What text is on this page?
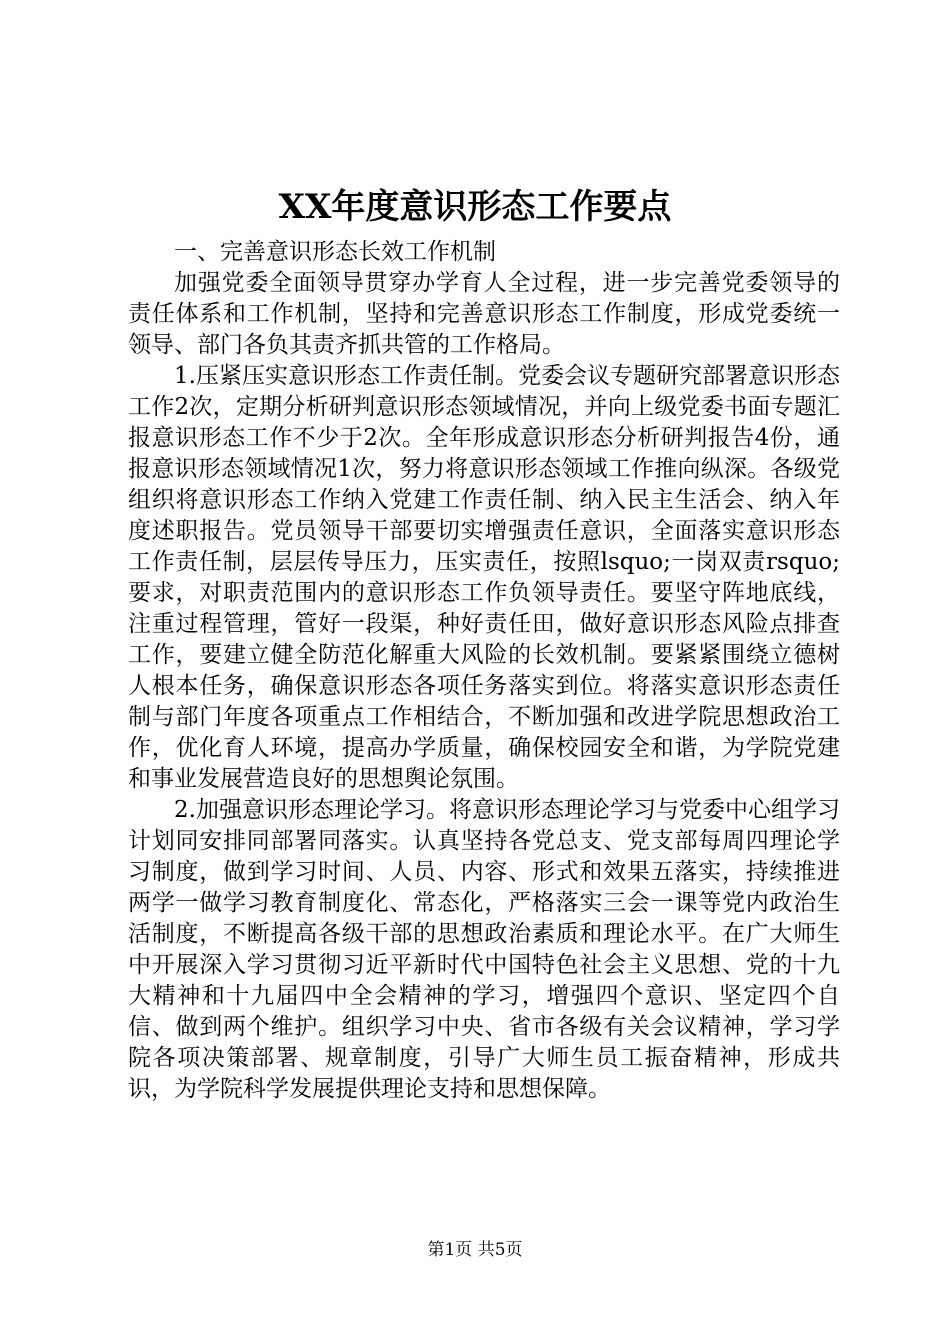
XX年度意识形态工作要点

一、完善意识形态长效工作机制

加强党委全面领导贯穿办学育人全过程，进一步完善党委领导的责任体系和工作机制，坚持和完善意识形态工作制度，形成党委统一领导、部门各负其责齐抓共管的工作格局。

1.压紧压实意识形态工作责任制。党委会议专题研究部署意识形态工作2次，定期分析研判意识形态领域情况，并向上级党委书面专题汇报意识形态工作不少于2次。全年形成意识形态分析研判报告4份，通报意识形态领域情况1次，努力将意识形态领域工作推向纵深。各级党组织将意识形态工作纳入党建工作责任制、纳入民主生活会、纳入年度述职报告。党员领导干部要切实增强责任意识，全面落实意识形态工作责任制，层层传导压力，压实责任，按照lsquo;一岗双责rsquo;要求，对职责范围内的意识形态工作负领导责任。要坚守阵地底线，注重过程管理，管好一段渠，种好责任田，做好意识形态风险点排查工作，要建立健全防范化解重大风险的长效机制。要紧紧围绕立德树人根本任务，确保意识形态各项任务落实到位。将落实意识形态责任制与部门年度各项重点工作相结合，不断加强和改进学院思想政治工作，优化育人环境，提高办学质量，确保校园安全和谐，为学院党建和事业发展营造良好的思想舆论氛围。

2.加强意识形态理论学习。将意识形态理论学习与党委中心组学习计划同安排同部署同落实。认真坚持各党总支、党支部每周四理论学习制度，做到学习时间、人员、内容、形式和效果五落实，持续推进两学一做学习教育制度化、常态化，严格落实三会一课等党内政治生活制度，不断提高各级干部的思想政治素质和理论水平。在广大师生中开展深入学习贯彻习近平新时代中国特色社会主义思想、党的十九大精神和十九届四中全会精神的学习，增强四个意识、坚定四个自信、做到两个维护。组织学习中央、省市各级有关会议精神，学习学院各项决策部署、规章制度，引导广大师生员工振奋精神，形成共识，为学院科学发展提供理论支持和思想保障。

第1页 共5页
